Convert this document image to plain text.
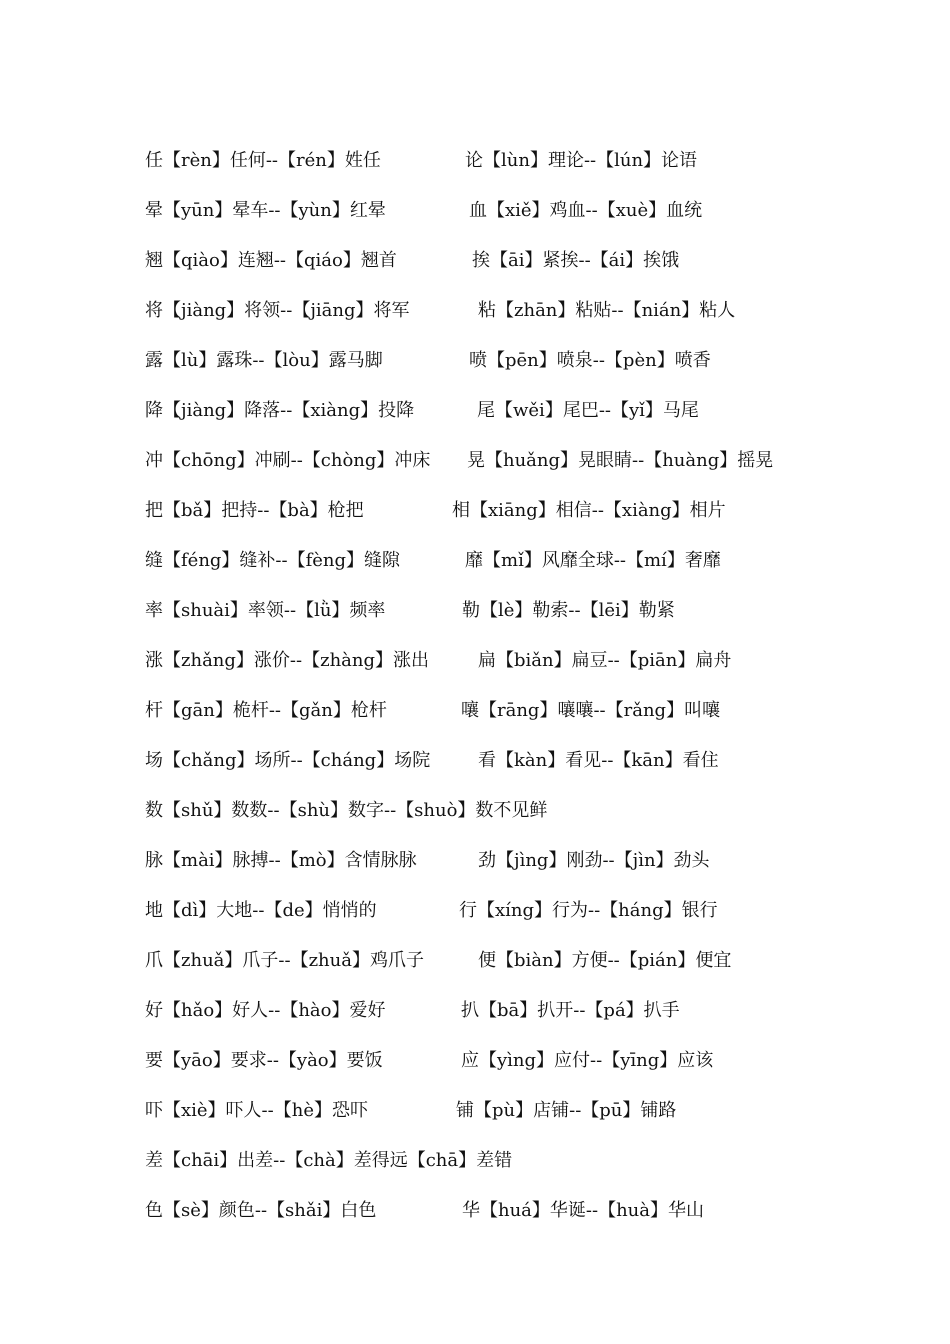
任【rèn】任何--【rén】姓任	论【lùn】理论--【lún】论语
晕【yūn】晕车--【yùn】红晕	血【xiě】鸡血--【xuè】血统
翘【qiào】连翘--【qiáo】翘首	挨【āi】紧挨--【ái】挨饿
将【jiàng】将领--【jiāng】将军	粘【zhān】粘贴--【nián】粘人
露【lù】露珠--【lòu】露马脚	喷【pēn】喷泉--【pèn】喷香
降【jiàng】降落--【xiàng】投降	尾【wěi】尾巴--【yǐ】马尾
冲【chōng】冲刷--【chòng】冲床 晃【huǎng】晃眼睛--【huàng】摇晃
把【bǎ】把持--【bà】枪把	相【xiāng】相信--【xiàng】相片
缝【féng】缝补--【fèng】缝隙	靡【mǐ】风靡全球--【mí】奢靡
率【shuài】率领--【lǜ】频率	勒【lè】勒索--【lēi】勒紧
涨【zhǎng】涨价--【zhàng】涨出	扁【biǎn】扁豆--【piān】扁舟
杆【gān】桅杆--【gǎn】枪杆	嚷【rāng】嚷嚷--【rǎng】叫嚷
场【chǎng】场所--【cháng】场院	看【kàn】看见--【kān】看住
数【shǔ】数数--【shù】数字--【shuò】数不见鲜
脉【mài】脉搏--【mò】含情脉脉	劲【jìng】刚劲--【jìn】劲头
地【dì】大地--【de】悄悄的	行【xíng】行为--【háng】银行
爪【zhuǎ】爪子--【zhuǎ】鸡爪子	便【biàn】方便--【pián】便宜
好【hǎo】好人--【hào】爱好	扒【bā】扒开--【pá】扒手
要【yāo】要求--【yào】要饭	应【yìng】应付--【yīng】应该
吓【xiè】吓人--【hè】恐吓	铺【pù】店铺--【pū】铺路
差【chāi】出差--【chà】差得远【chā】差错
色【sè】颜色--【shǎi】白色	华【huá】华诞--【huà】华山
